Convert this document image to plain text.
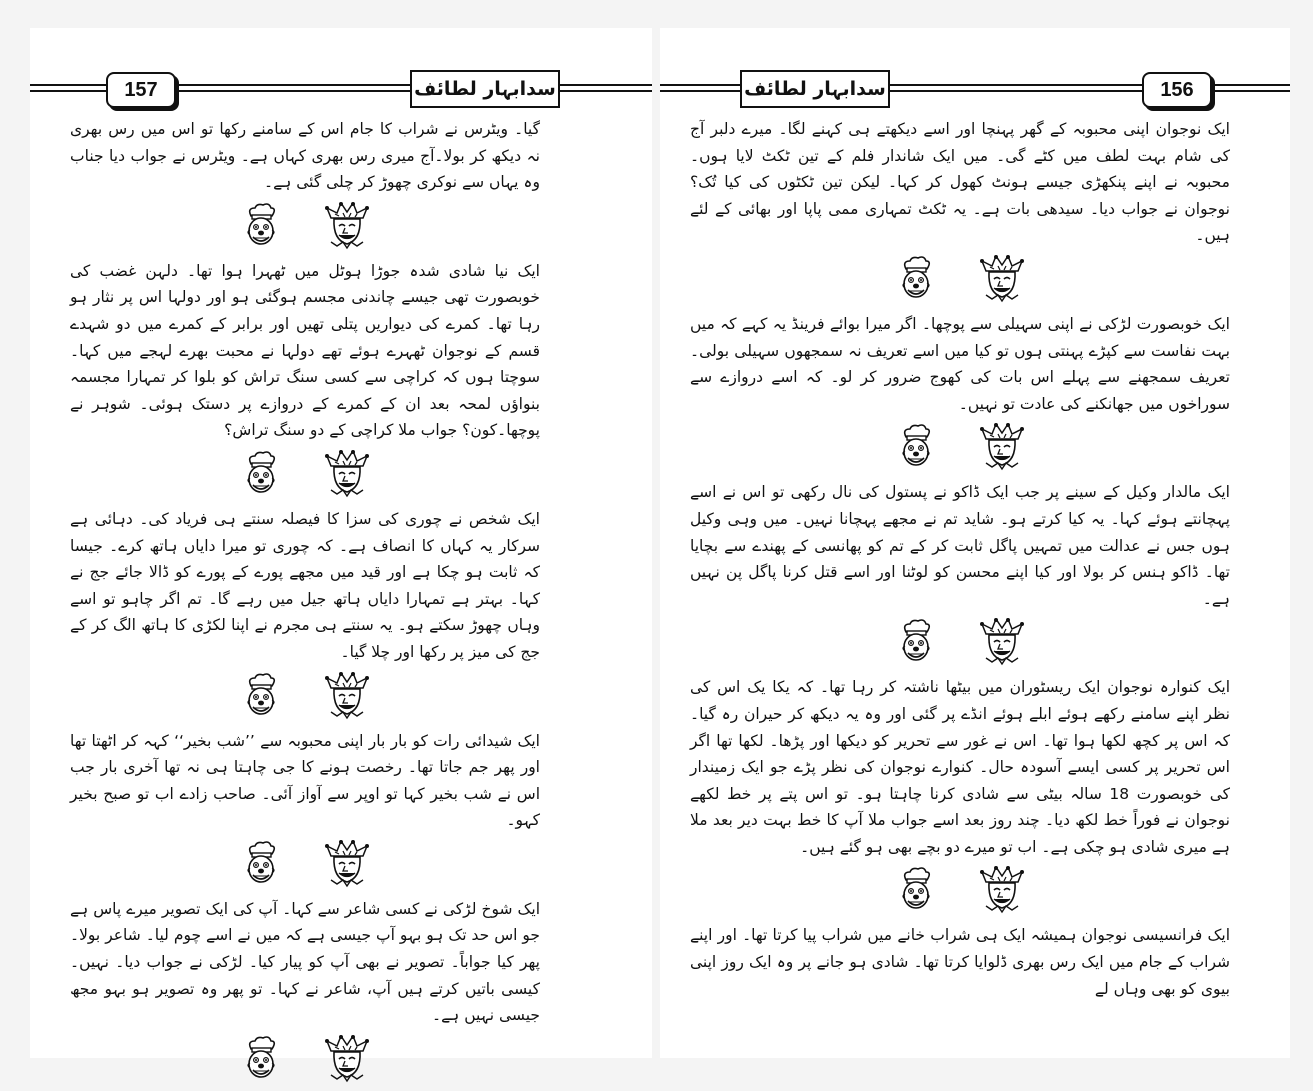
157	سدابہار لطائف

گیا۔ ویٹرس نے شراب کا جام اس کے سامنے رکھا تو اس میں رس بھری نہ دیکھ کر بولا۔آج میری رس بھری کہاں ہے۔ ویٹرس نے جواب دیا جناب وہ یہاں سے نوکری چھوڑ کر چلی گئی ہے۔

ایک نیا شادی شدہ جوڑا ہوٹل میں ٹھہرا ہوا تھا۔ دلہن غضب کی خوبصورت تھی جیسے چاندنی مجسم ہوگئی ہو اور دولہا اس پر نثار ہو رہا تھا۔ کمرے کی دیواریں پتلی تھیں اور برابر کے کمرے میں دو شہدے قسم کے نوجوان ٹھہرے ہوئے تھے دولہا نے محبت بھرے لہجے میں کہا۔ سوچتا ہوں کہ کراچی سے کسی سنگ تراش کو بلوا کر تمہارا مجسمہ بنواؤں لمحہ بعد ان کے کمرے کے دروازے پر دستک ہوئی۔ شوہر نے پوچھا۔کون؟ جواب ملا کراچی کے دو سنگ تراش؟

ایک شخص نے چوری کی سزا کا فیصلہ سنتے ہی فریاد کی۔ دہائی ہے سرکار یہ کہاں کا انصاف ہے۔ کہ چوری تو میرا دایاں ہاتھ کرے۔ جیسا کہ ثابت ہو چکا ہے اور قید میں مجھے پورے کے پورے کو ڈالا جائے جج نے کہا۔ بہتر ہے تمہارا دایاں ہاتھ جیل میں رہے گا۔ تم اگر چاہو تو اسے وہاں چھوڑ سکتے ہو۔ یہ سنتے ہی مجرم نے اپنا لکڑی کا ہاتھ الگ کر کے جج کی میز پر رکھا اور چلا گیا۔

ایک شیدائی رات کو بار بار اپنی محبوبہ سے ’’شب بخیر‘‘ کہہ کر اٹھتا تھا اور پھر جم جاتا تھا۔ رخصت ہونے کا جی چاہتا ہی نہ تھا آخری بار جب اس نے شب بخیر کہا تو اوپر سے آواز آئی۔ صاحب زادے اب تو صبح بخیر کہو۔

ایک شوخ لڑکی نے کسی شاعر سے کہا۔ آپ کی ایک تصویر میرے پاس ہے جو اس حد تک ہو بہو آپ جیسی ہے کہ میں نے اسے چوم لیا۔ شاعر بولا۔ پھر کیا جواباً۔ تصویر نے بھی آپ کو پیار کیا۔ لڑکی نے جواب دیا۔ نہیں۔ کیسی باتیں کرتے ہیں آپ، شاعر نے کہا۔ تو پھر وہ تصویر ہو بہو مجھ جیسی نہیں ہے۔

سدابہار لطائف	156

ایک نوجوان اپنی محبوبہ کے گھر پہنچا اور اسے دیکھتے ہی کہنے لگا۔ میرے دلبر آج کی شام بہت لطف میں کٹے گی۔ میں ایک شاندار فلم کے تین ٹکٹ لایا ہوں۔ محبوبہ نے اپنے پنکھڑی جیسے ہونٹ کھول کر کہا۔ لیکن تین ٹکٹوں کی کیا تُک؟ نوجوان نے جواب دیا۔ سیدھی بات ہے۔ یہ ٹکٹ تمہاری ممی پاپا اور بھائی کے لئے ہیں۔

ایک خوبصورت لڑکی نے اپنی سہیلی سے پوچھا۔ اگر میرا بوائے فرینڈ یہ کہے کہ میں بہت نفاست سے کپڑے پہنتی ہوں تو کیا میں اسے تعریف نہ سمجھوں سہیلی بولی۔ تعریف سمجھنے سے پہلے اس بات کی کھوج ضرور کر لو۔ کہ اسے دروازے سے سوراخوں میں جھانکنے کی عادت تو نہیں۔

ایک مالدار وکیل کے سینے پر جب ایک ڈاکو نے پستول کی نال رکھی تو اس نے اسے پہچانتے ہوئے کہا۔ یہ کیا کرتے ہو۔ شاید تم نے مجھے پہچانا نہیں۔ میں وہی وکیل ہوں جس نے عدالت میں تمہیں پاگل ثابت کر کے تم کو پھانسی کے پھندے سے بچایا تھا۔ ڈاکو ہنس کر بولا اور کیا اپنے محسن کو لوٹنا اور اسے قتل کرنا پاگل پن نہیں ہے۔

ایک کنوارہ نوجوان ایک ریسٹوران میں بیٹھا ناشتہ کر رہا تھا۔ کہ یکا یک اس کی نظر اپنے سامنے رکھے ہوئے ابلے ہوئے انڈے پر گئی اور وہ یہ دیکھ کر حیران رہ گیا۔ کہ اس پر کچھ لکھا ہوا تھا۔ اس نے غور سے تحریر کو دیکھا اور پڑھا۔ لکھا تھا اگر اس تحریر پر کسی ایسے آسودہ حال۔ کنوارے نوجوان کی نظر پڑے جو ایک زمیندار کی خوبصورت 18 سالہ بیٹی سے شادی کرنا چاہتا ہو۔ تو اس پتے پر خط لکھے نوجوان نے فوراً خط لکھ دیا۔ چند روز بعد اسے جواب ملا آپ کا خط بہت دیر بعد ملا ہے میری شادی ہو چکی ہے۔ اب تو میرے دو بچے بھی ہو گئے ہیں۔

ایک فرانسیسی نوجوان ہمیشہ ایک ہی شراب خانے میں شراب پیا کرتا تھا۔ اور اپنے شراب کے جام میں ایک رس بھری ڈلوایا کرتا تھا۔ شادی ہو جانے پر وہ ایک روز اپنی بیوی کو بھی وہاں لے
